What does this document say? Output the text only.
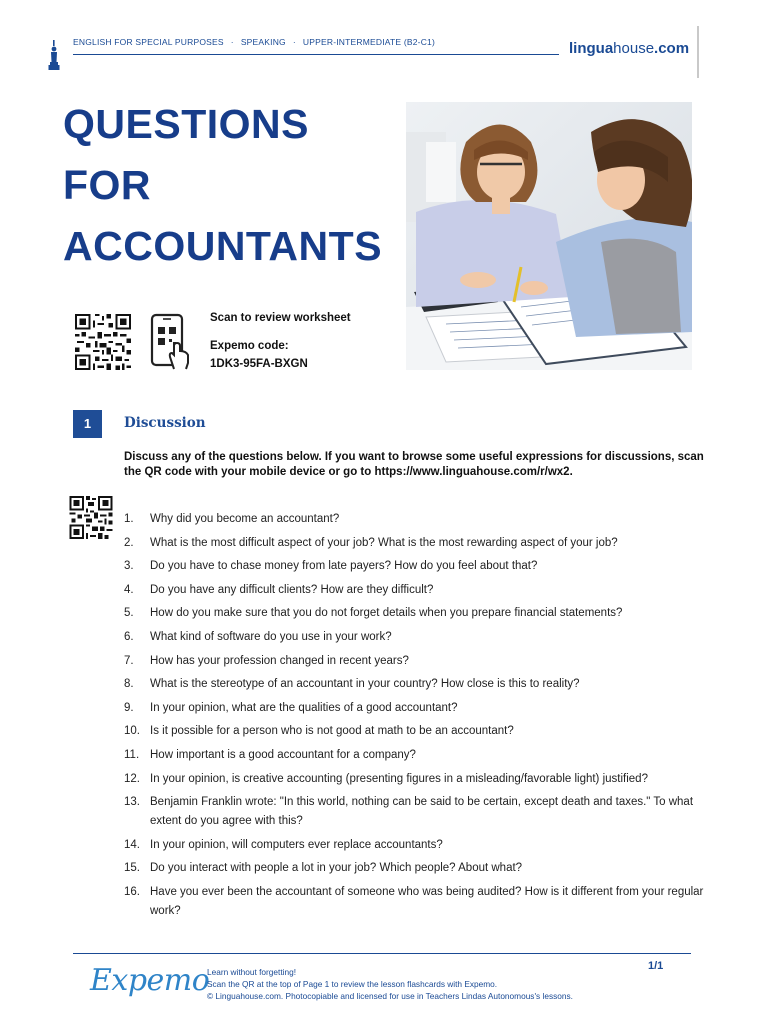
ENGLISH FOR SPECIAL PURPOSES · SPEAKING · UPPER-INTERMEDIATE (B2-C1)	linguahouse.com
QUESTIONS
FOR
ACCOUNTANTS
Scan to review worksheet
Expemo code:
1DK3-95FA-BXGN
1	Discussion
Discuss any of the questions below. If you want to browse some useful expressions for discussions, scan the QR code with your mobile device or go to https://www.linguahouse.com/r/wx2.
1. Why did you become an accountant?
2. What is the most difficult aspect of your job? What is the most rewarding aspect of your job?
3. Do you have to chase money from late payers? How do you feel about that?
4. Do you have any difficult clients? How are they difficult?
5. How do you make sure that you do not forget details when you prepare financial statements?
6. What kind of software do you use in your work?
7. How has your profession changed in recent years?
8. What is the stereotype of an accountant in your country? How close is this to reality?
9. In your opinion, what are the qualities of a good accountant?
10. Is it possible for a person who is not good at math to be an accountant?
11. How important is a good accountant for a company?
12. In your opinion, is creative accounting (presenting figures in a misleading/favorable light) justified?
13. Benjamin Franklin wrote: "In this world, nothing can be said to be certain, except death and taxes." To what extent do you agree with this?
14. In your opinion, will computers ever replace accountants?
15. Do you interact with people a lot in your job? Which people? About what?
16. Have you ever been the accountant of someone who was being audited? How is it different from your regular work?
Expemo
Learn without forgetting!
Scan the QR at the top of Page 1 to review the lesson flashcards with Expemo.
© Linguahouse.com. Photocopiable and licensed for use in Teachers Lindas Autonomous's lessons.
1/1
